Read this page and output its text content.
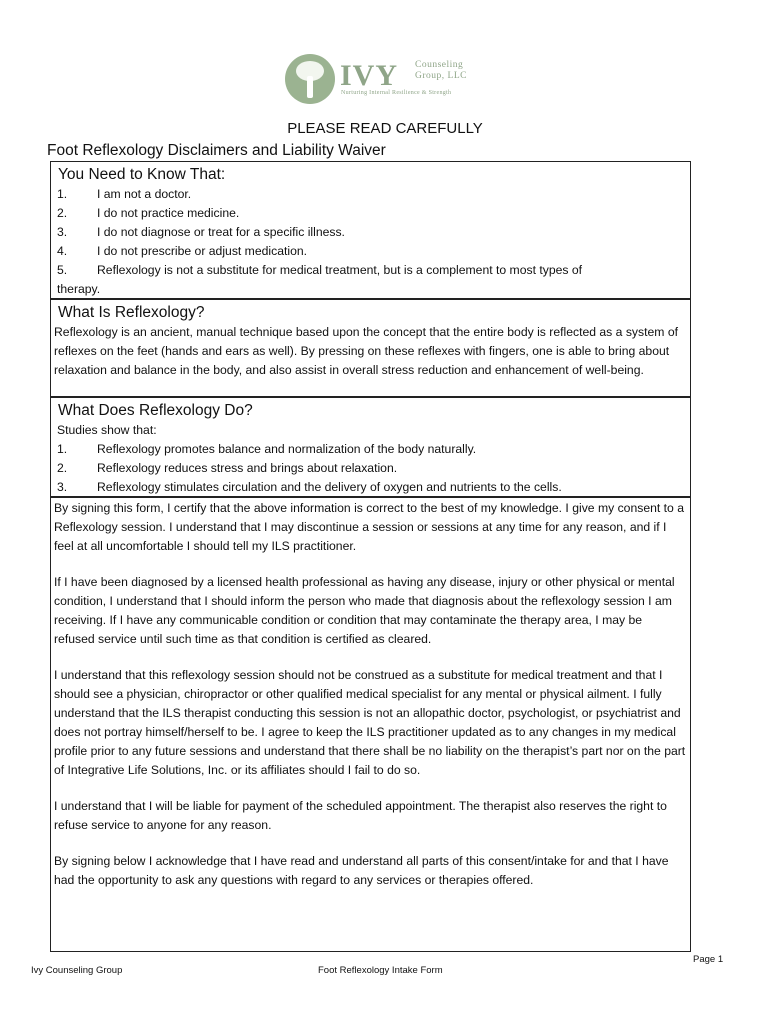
IVY Counseling
Group, LLC
Nurturing Internal Resilience & Strength
PLEASE READ CAREFULLY
Foot Reflexology Disclaimers and Liability Waiver
You Need to Know That:
1. I am not a doctor.
2. I do not practice medicine.
3. I do not diagnose or treat for a specific illness.
4. I do not prescribe or adjust medication.
5. Reflexology is not a substitute for medical treatment, but is a complement to most types of
therapy.
What Is Reflexology?
Reflexology is an ancient, manual technique based upon the concept that the entire body is reflected as a system of reflexes on the feet (hands and ears as well). By pressing on these reflexes with fingers, one is able to bring about relaxation and balance in the body, and also assist in overall stress reduction and enhancement of well-being.
What Does Reflexology Do?
Studies show that:
1. Reflexology promotes balance and normalization of the body naturally.
2. Reflexology reduces stress and brings about relaxation.
3. Reflexology stimulates circulation and the delivery of oxygen and nutrients to the cells.
By signing this form, I certify that the above information is correct to the best of my knowledge. I give my consent to a Reflexology session. I understand that I may discontinue a session or sessions at any time for any reason, and if I feel at all uncomfortable I should tell my ILS practitioner.
If I have been diagnosed by a licensed health professional as having any disease, injury or other physical or mental condition, I understand that I should inform the person who made that diagnosis about the reflexology session I am receiving. If I have any communicable condition or condition that may contaminate the therapy area, I may be refused service until such time as that condition is certified as cleared.
I understand that this reflexology session should not be construed as a substitute for medical treatment and that I should see a physician, chiropractor or other qualified medical specialist for any mental or physical ailment. I fully understand that the ILS therapist conducting this session is not an allopathic doctor, psychologist, or psychiatrist and does not portray himself/herself to be. I agree to keep the ILS practitioner updated as to any changes in my medical profile prior to any future sessions and understand that there shall be no liability on the therapist’s part nor on the part of Integrative Life Solutions, Inc. or its affiliates should I fail to do so.
I understand that I will be liable for payment of the scheduled appointment. The therapist also reserves the right to refuse service to anyone for any reason.
By signing below I acknowledge that I have read and understand all parts of this consent/intake for and that I have had the opportunity to ask any questions with regard to any services or therapies offered.
Ivy Counseling Group	Foot Reflexology Intake Form
Page 1
